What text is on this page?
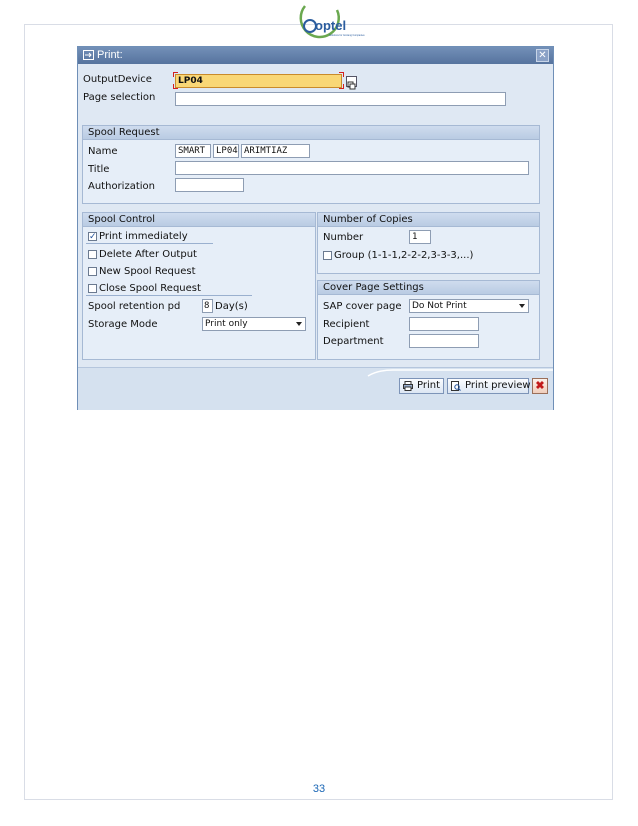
optel
Solutions for Growing Companies
Print:	✕
OutputDevice	LP04
Page selection
Spool Request
Name	SMART	LP04 ARIMTIAZ
Title
Authorization
Spool Control
✓ Print immediately
Delete After Output
New Spool Request
Close Spool Request
Spool retention pd	8 Day(s)
Storage Mode	Print only
Number of Copies
Number	1
Group (1-1-1,2-2-2,3-3-3,...)
Cover Page Settings
SAP cover page	Do Not Print
Recipient
Department
Print Print preview ✖
33
